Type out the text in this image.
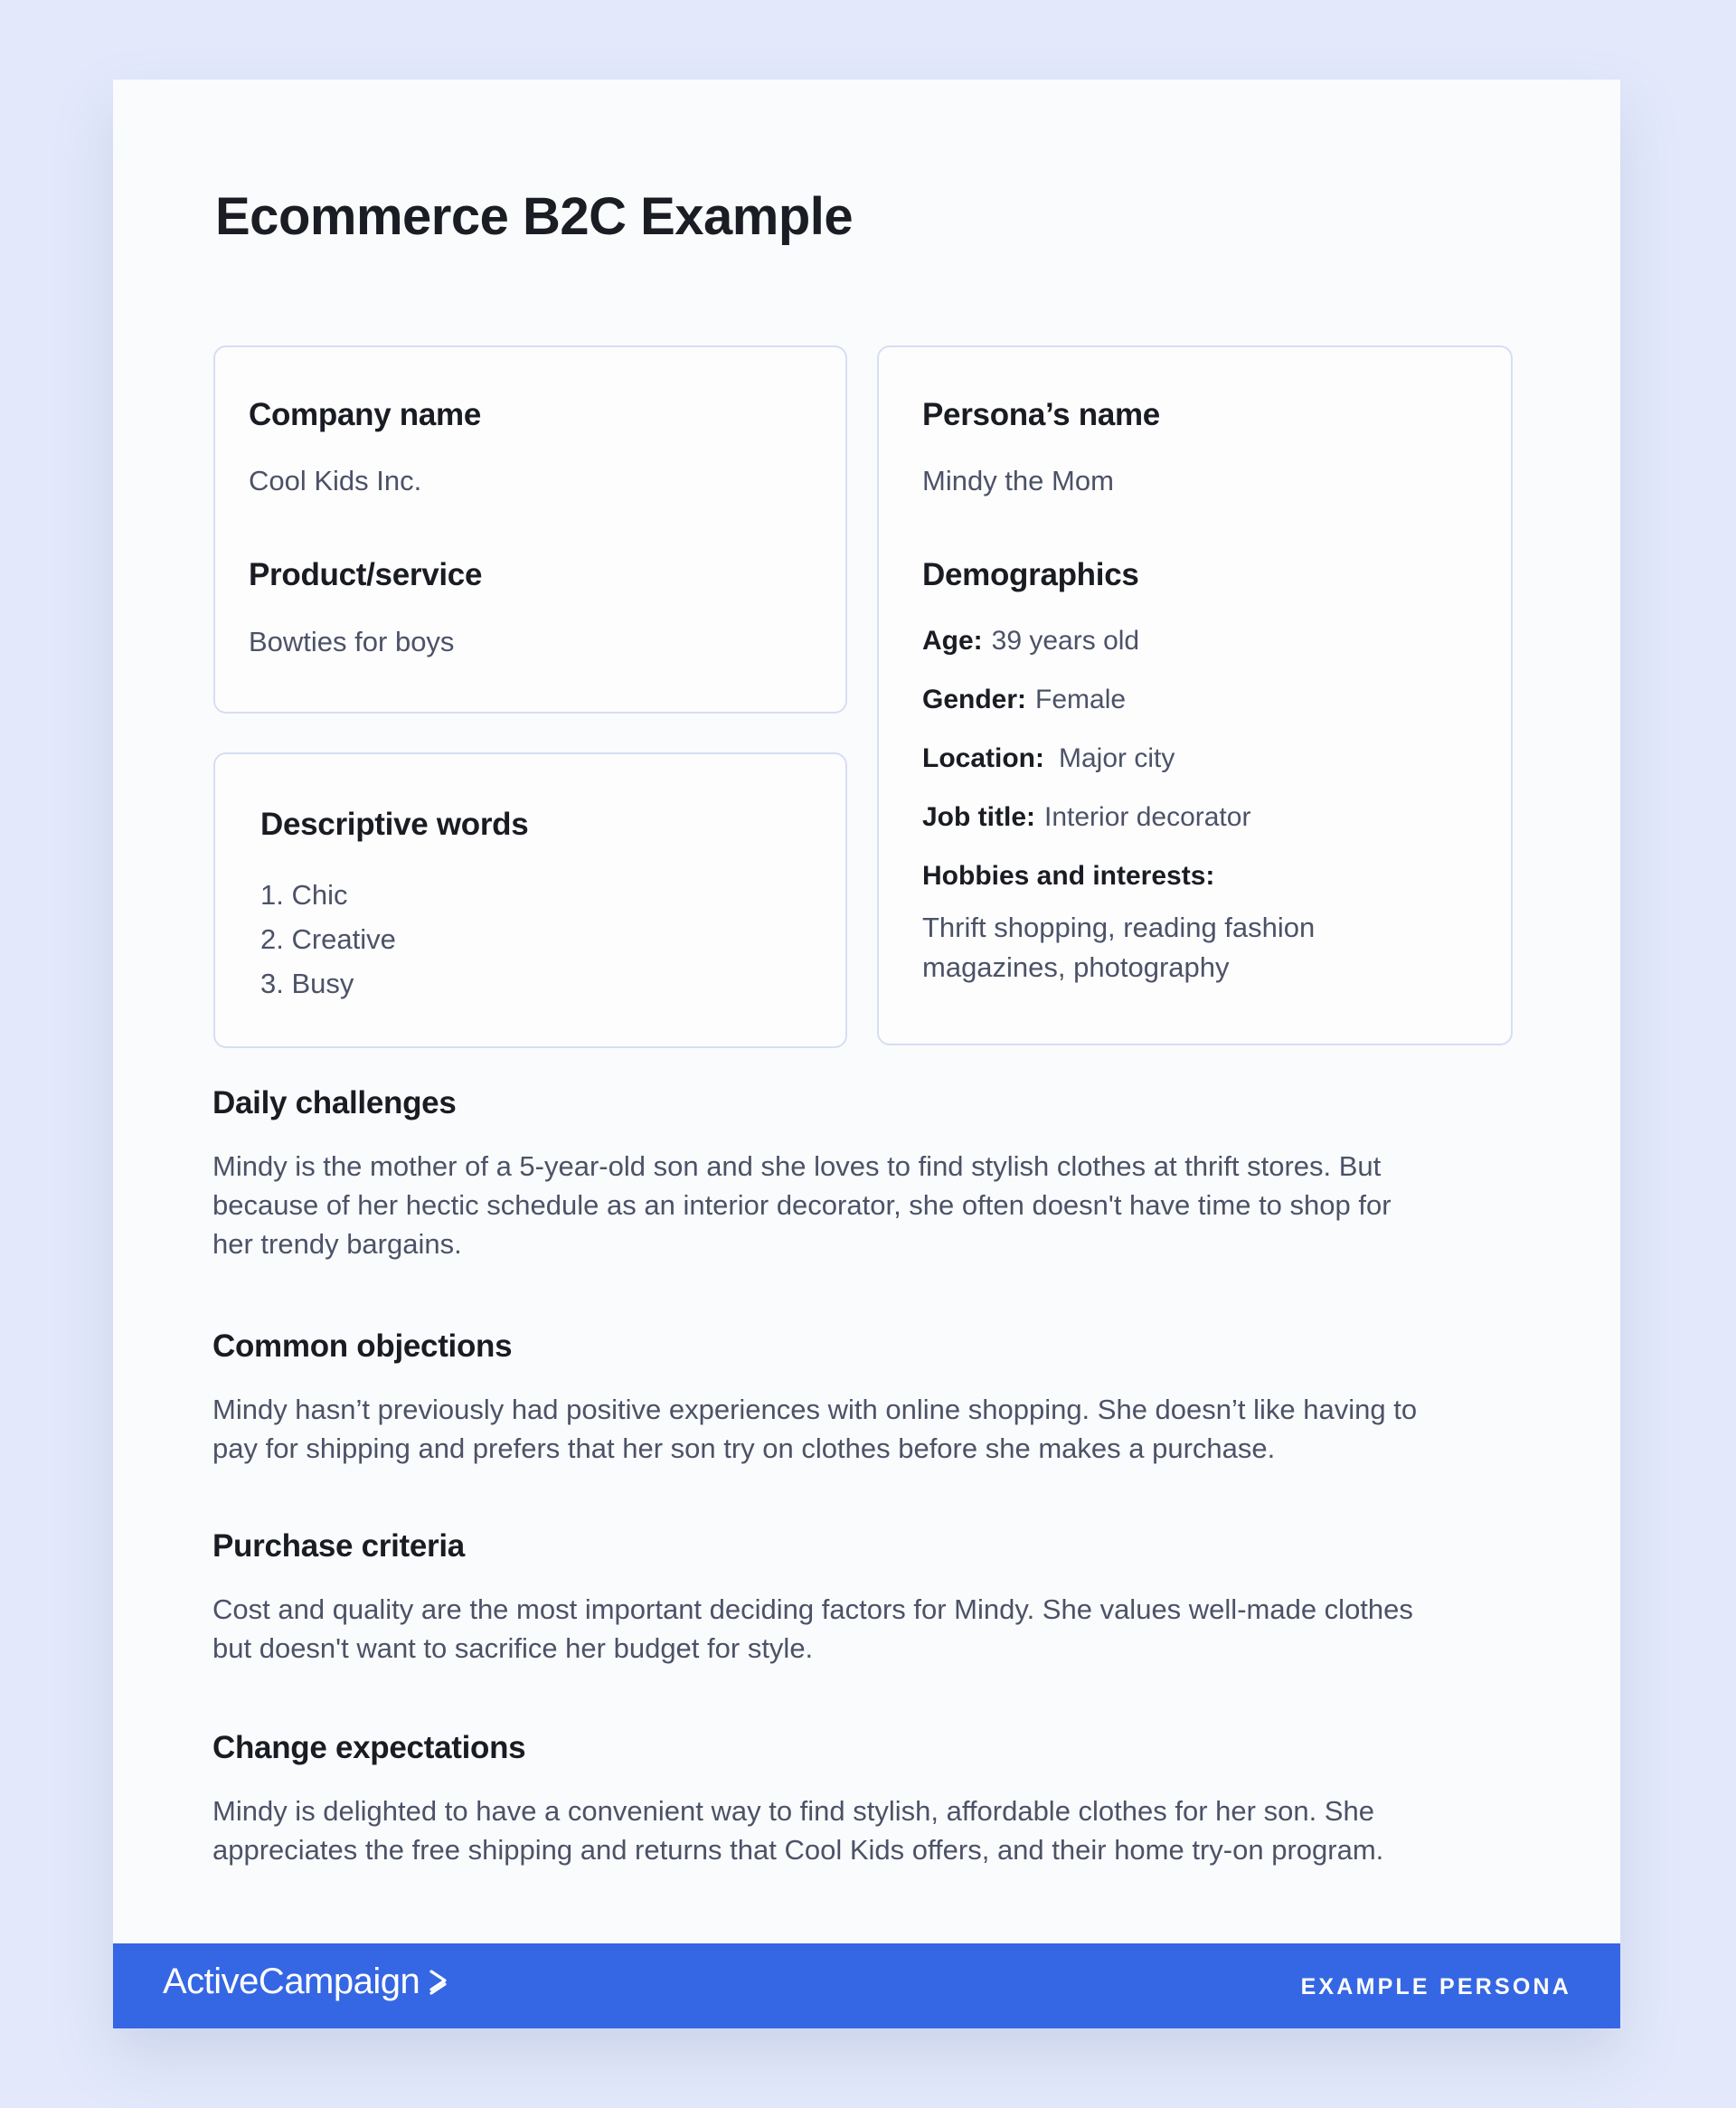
Ecommerce B2C Example
Company name
Cool Kids Inc.
Product/service
Bowties for boys
Descriptive words
1. Chic
2. Creative
3. Busy
Persona’s name
Mindy the Mom
Demographics
Age: 39 years old
Gender: Female
Location: Major city
Job title: Interior decorator
Hobbies and interests:
Thrift shopping, reading fashion
magazines, photography
Daily challenges
Mindy is the mother of a 5-year-old son and she loves to find stylish clothes at thrift stores. But
because of her hectic schedule as an interior decorator, she often doesn't have time to shop for
her trendy bargains.
Common objections
Mindy hasn’t previously had positive experiences with online shopping. She doesn’t like having to
pay for shipping and prefers that her son try on clothes before she makes a purchase.
Purchase criteria
Cost and quality are the most important deciding factors for Mindy. She values well-made clothes
but doesn't want to sacrifice her budget for style.
Change expectations
Mindy is delighted to have a convenient way to find stylish, affordable clothes for her son. She
appreciates the free shipping and returns that Cool Kids offers, and their home try-on program.
ActiveCampaign	EXAMPLE PERSONA
